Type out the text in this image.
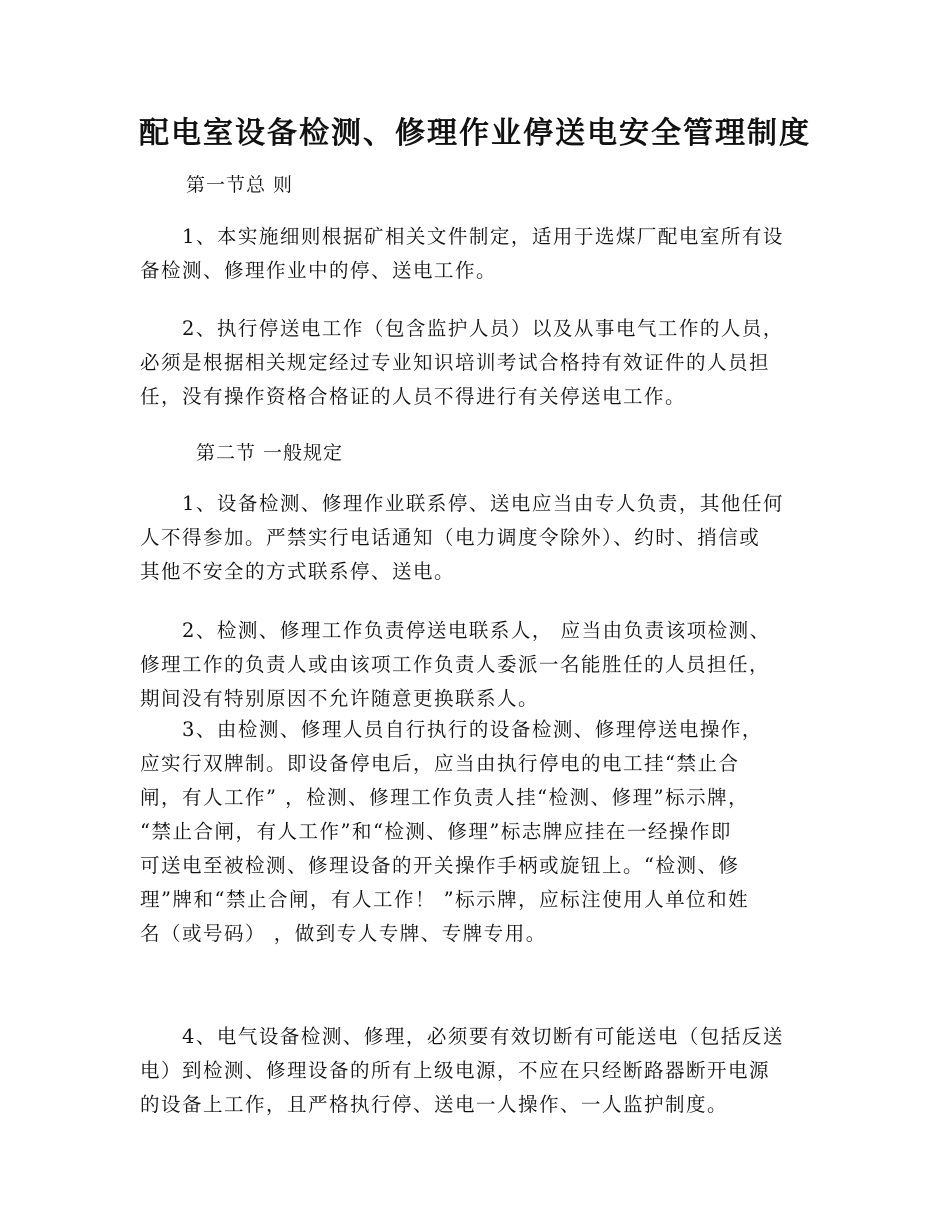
配电室设备检测、修理作业停送电安全管理制度
第一节总 则
1、本实施细则根据矿相关文件制定，适用于选煤厂配电室所有设
备检测、修理作业中的停、送电工作。
2、执行停送电工作（包含监护人员）以及从事电气工作的人员，
必须是根据相关规定经过专业知识培训考试合格持有效证件的人员担
任，没有操作资格合格证的人员不得进行有关停送电工作。
第二节 一般规定
1、设备检测、修理作业联系停、送电应当由专人负责，其他任何
人不得参加。严禁实行电话通知（电力调度令除外）、约时、捎信或
其他不安全的方式联系停、送电。
2、检测、修理工作负责停送电联系人， 应当由负责该项检测、
修理工作的负责人或由该项工作负责人委派一名能胜任的人员担任，
期间没有特别原因不允许随意更换联系人。
3、由检测、修理人员自行执行的设备检测、修理停送电操作，
应实行双牌制。即设备停电后，应当由执行停电的电工挂“禁止合
闸，有人工作” ，检测、修理工作负责人挂“检测、修理”标示牌，
“禁止合闸，有人工作”和“检测、修理”标志牌应挂在一经操作即
可送电至被检测、修理设备的开关操作手柄或旋钮上。“检测、修
理”牌和“禁止合闸，有人工作！ ”标示牌，应标注使用人单位和姓
名（或号码） ，做到专人专牌、专牌专用。
4、电气设备检测、修理，必须要有效切断有可能送电（包括反送
电）到检测、修理设备的所有上级电源，不应在只经断路器断开电源
的设备上工作，且严格执行停、送电一人操作、一人监护制度。
